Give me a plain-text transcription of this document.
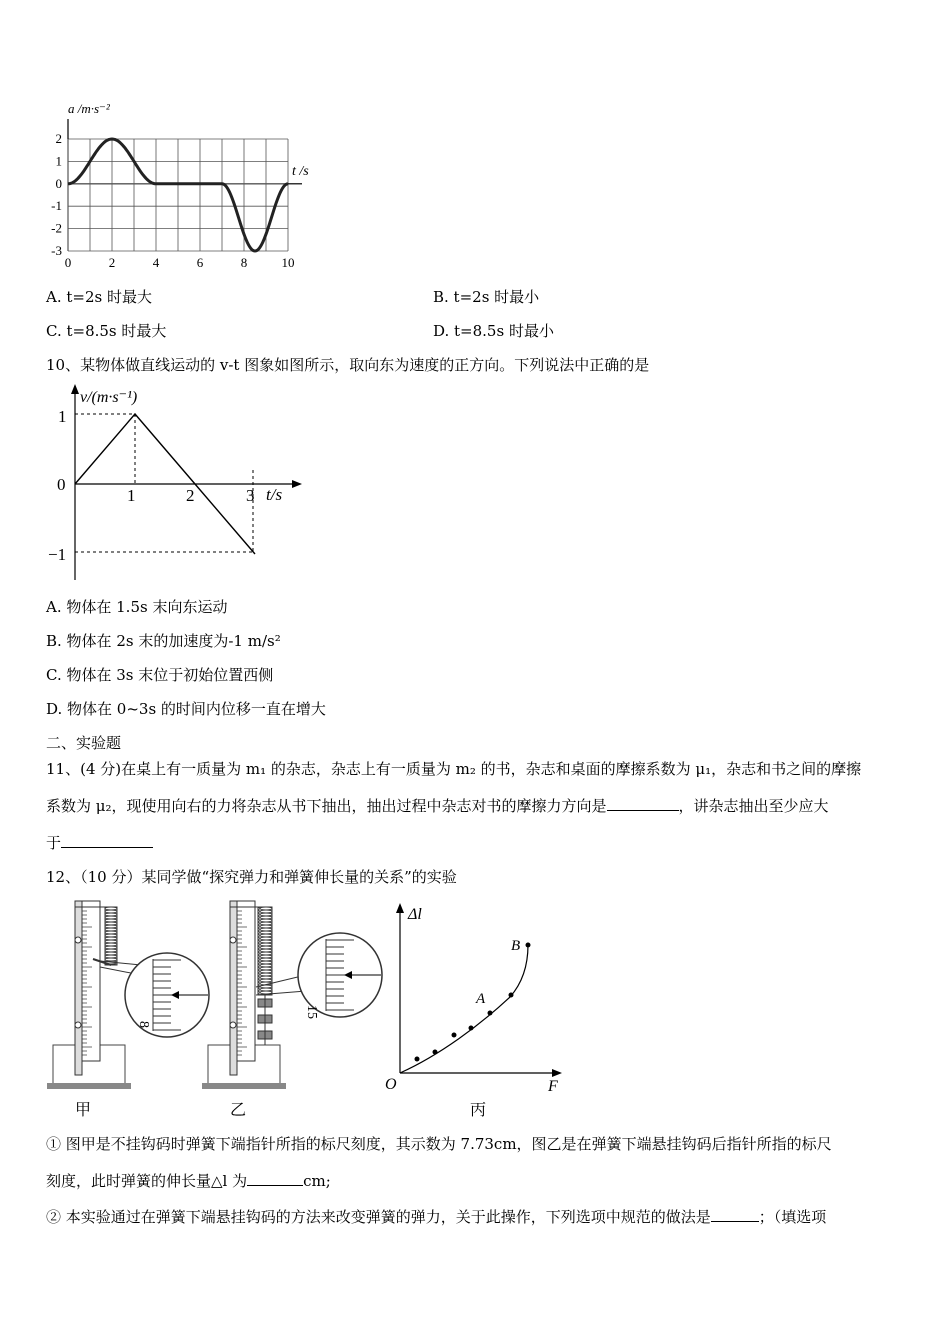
a /m·s⁻²
t /s
2
1
0
-1
-2
-3
0	2	4	6	8	10
A. t=2s 时最大	B. t=2s 时最小
C. t=8.5s 时最大	D. t=8.5s 时最小
10、某物体做直线运动的 v-t 图象如图所示，取向东为速度的正方向。下列说法中正确的是
v/(m·s⁻¹)
t/s
1
0
−1
1	2	3
A. 物体在 1.5s 末向东运动
B. 物体在 2s 末的加速度为-1 m/s²
C. 物体在 3s 末位于初始位置西侧
D. 物体在 0~3s 的时间内位移一直在增大
二、实验题
11、(4 分)在桌上有一质量为 m₁ 的杂志，杂志上有一质量为 m₂ 的书，杂志和桌面的摩擦系数为 μ₁，杂志和书之间的摩擦
系数为 μ₂，现使用向右的力将杂志从书下抽出，抽出过程中杂志对书的摩擦力方向是	，讲杂志抽出至少应大
于
12、（10 分）某同学做“探究弹力和弹簧伸长量的关系”的实验
8
甲
15
乙
Δl
F
O
A
B
丙
① 图甲是不挂钩码时弹簧下端指针所指的标尺刻度，其示数为 7.73cm，图乙是在弹簧下端悬挂钩码后指针所指的标尺
刻度，此时弹簧的伸长量△l 为	cm;
② 本实验通过在弹簧下端悬挂钩码的方法来改变弹簧的弹力，关于此操作，下列选项中规范的做法是	；（填选项
